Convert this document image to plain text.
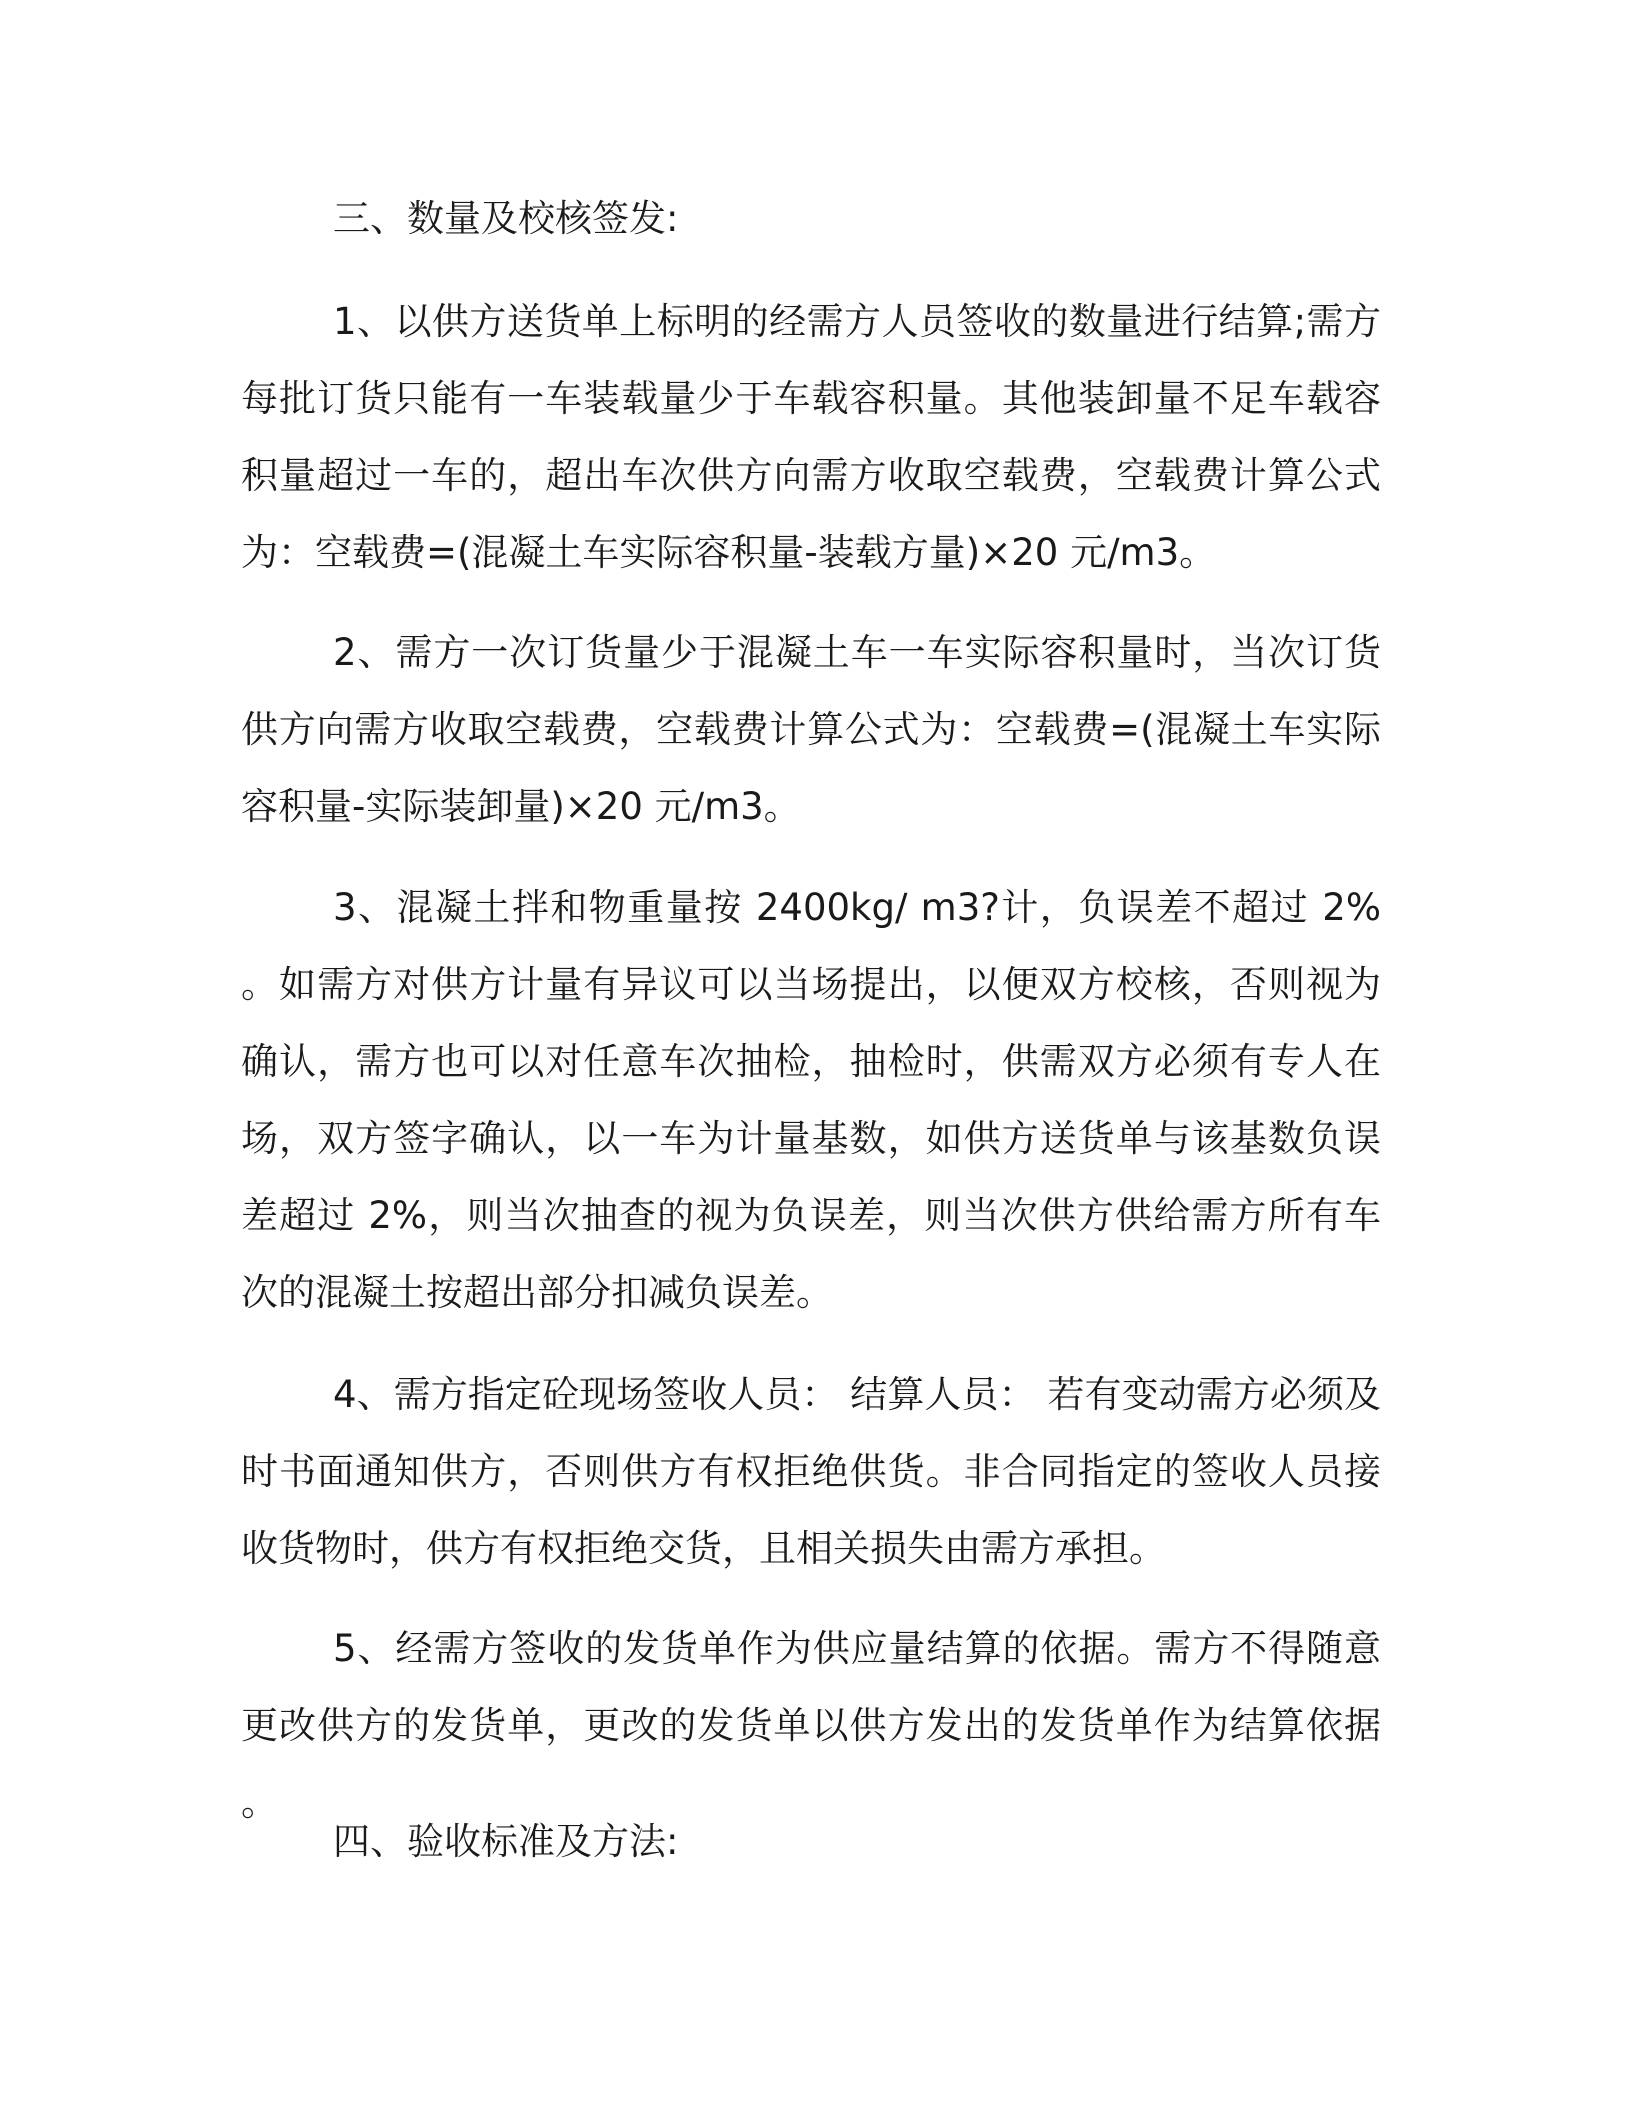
三、数量及校核签发:

1、以供方送货单上标明的经需方人员签收的数量进行结算;需方每批订货只能有一车装载量少于车载容积量。其他装卸量不足车载容积量超过一车的，超出车次供方向需方收取空载费，空载费计算公式为：空载费=(混凝土车实际容积量-装载方量)×20 元/m3。

2、需方一次订货量少于混凝土车一车实际容积量时，当次订货供方向需方收取空载费，空载费计算公式为：空载费=(混凝土车实际容积量-实际装卸量)×20 元/m3。

3、混凝土拌和物重量按 2400kg/ m3?计，负误差不超过 2%。如需方对供方计量有异议可以当场提出，以便双方校核，否则视为确认，需方也可以对任意车次抽检，抽检时，供需双方必须有专人在场，双方签字确认，以一车为计量基数，如供方送货单与该基数负误差超过 2%，则当次抽查的视为负误差，则当次供方供给需方所有车次的混凝土按超出部分扣减负误差。

4、需方指定砼现场签收人员： 结算人员： 若有变动需方必须及时书面通知供方，否则供方有权拒绝供货。非合同指定的签收人员接收货物时，供方有权拒绝交货，且相关损失由需方承担。

5、经需方签收的发货单作为供应量结算的依据。需方不得随意更改供方的发货单，更改的发货单以供方发出的发货单作为结算依据。

四、验收标准及方法:
